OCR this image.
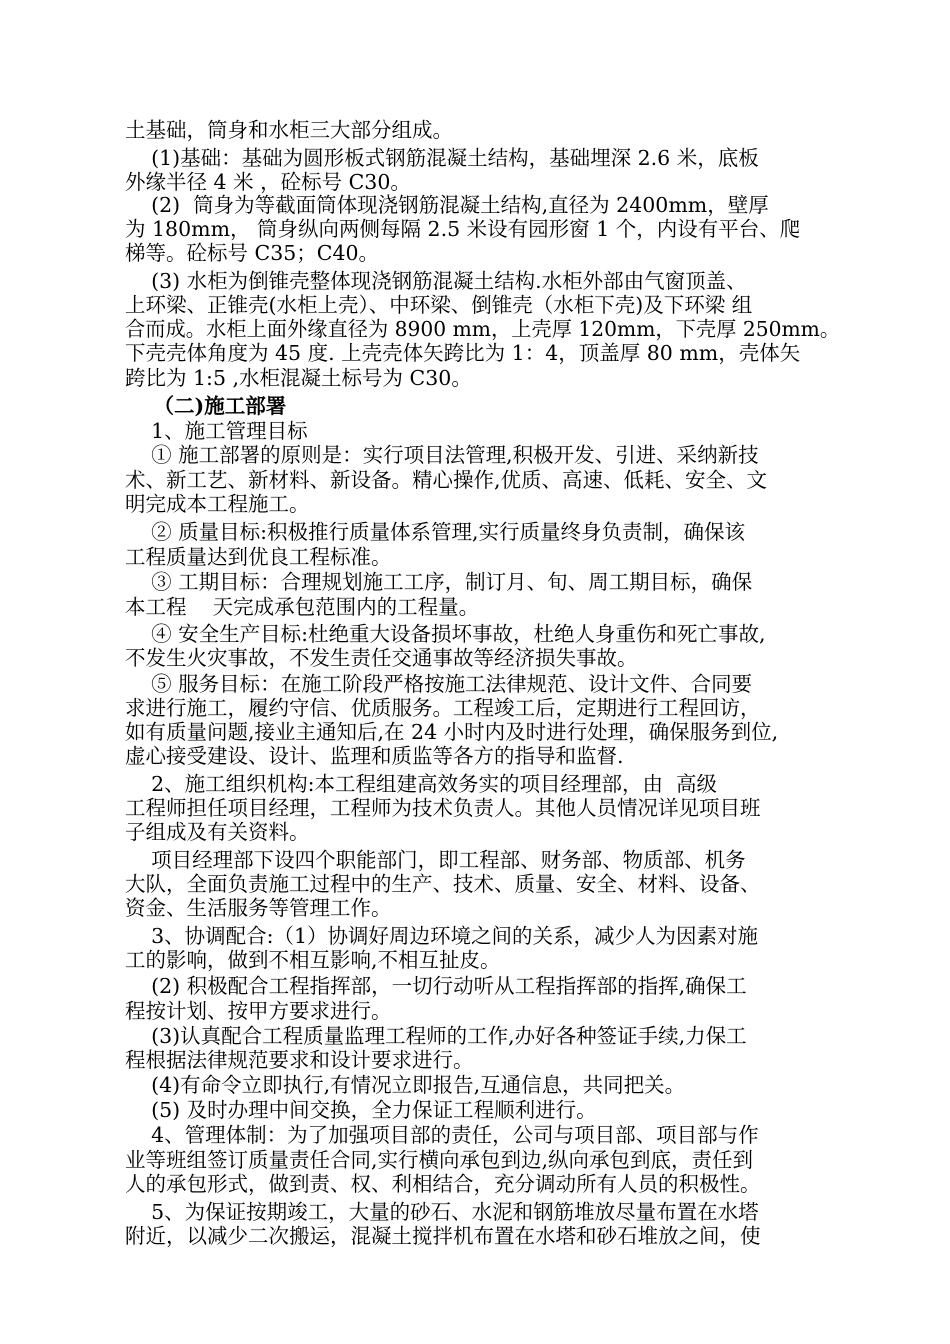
土基础，筒身和水柜三大部分组成。
(1)基础：基础为圆形板式钢筋混凝土结构，基础埋深 2.6 米，底板
外缘半径 4 米 ，砼标号 C30。
(2)  筒身为等截面筒体现浇钢筋混凝土结构,直径为 2400mm，壁厚
为 180mm， 筒身纵向两侧每隔 2.5 米设有园形窗 1 个，内设有平台、爬
梯等。砼标号 C35；C40。
(3) 水柜为倒锥壳整体现浇钢筋混凝土结构.水柜外部由气窗顶盖、
上环梁、正锥壳(水柜上壳）、中环梁、倒锥壳（水柜下壳)及下环梁 组
合而成。水柜上面外缘直径为 8900 mm，上壳厚 120mm，下壳厚 250mm。
下壳壳体角度为 45 度. 上壳壳体矢跨比为 1：4，顶盖厚 80 mm，壳体矢
跨比为 1:5 ,水柜混凝土标号为 C30。
（二)施工部署
1、施工管理目标
① 施工部署的原则是：实行项目法管理,积极开发、引进、采纳新技
术、新工艺、新材料、新设备。精心操作,优质、高速、低耗、安全、文
明完成本工程施工。
② 质量目标:积极推行质量体系管理,实行质量终身负责制，确保该
工程质量达到优良工程标准。
③ 工期目标：合理规划施工工序，制订月、旬、周工期目标，确保
本工程    天完成承包范围内的工程量。
④ 安全生产目标:杜绝重大设备损坏事故，杜绝人身重伤和死亡事故,
不发生火灾事故，不发生责任交通事故等经济损失事故。
⑤ 服务目标：在施工阶段严格按施工法律规范、设计文件、合同要
求进行施工，履约守信、优质服务。工程竣工后，定期进行工程回访，
如有质量问题,接业主通知后,在 24 小时内及时进行处理，确保服务到位,
虚心接受建设、设计、监理和质监等各方的指导和监督.
2、施工组织机构:本工程组建高效务实的项目经理部，由  高级
工程师担任项目经理，工程师为技术负责人。其他人员情况详见项目班
子组成及有关资料。
项目经理部下设四个职能部门，即工程部、财务部、物质部、机务
大队，全面负责施工过程中的生产、技术、质量、安全、材料、设备、
资金、生活服务等管理工作。
3、协调配合:（1）协调好周边环境之间的关系，减少人为因素对施
工的影响，做到不相互影响,不相互扯皮。
(2) 积极配合工程指挥部，一切行动听从工程指挥部的指挥,确保工
程按计划、按甲方要求进行。
(3)认真配合工程质量监理工程师的工作,办好各种签证手续,力保工
程根据法律规范要求和设计要求进行。
(4)有命令立即执行,有情况立即报告,互通信息，共同把关。
(5) 及时办理中间交换，全力保证工程顺利进行。
4、管理体制：为了加强项目部的责任，公司与项目部、项目部与作
业等班组签订质量责任合同,实行横向承包到边,纵向承包到底，责任到
人的承包形式，做到责、权、利相结合，充分调动所有人员的积极性。
5、为保证按期竣工，大量的砂石、水泥和钢筋堆放尽量布置在水塔
附近，以减少二次搬运，混凝土搅拌机布置在水塔和砂石堆放之间，使
